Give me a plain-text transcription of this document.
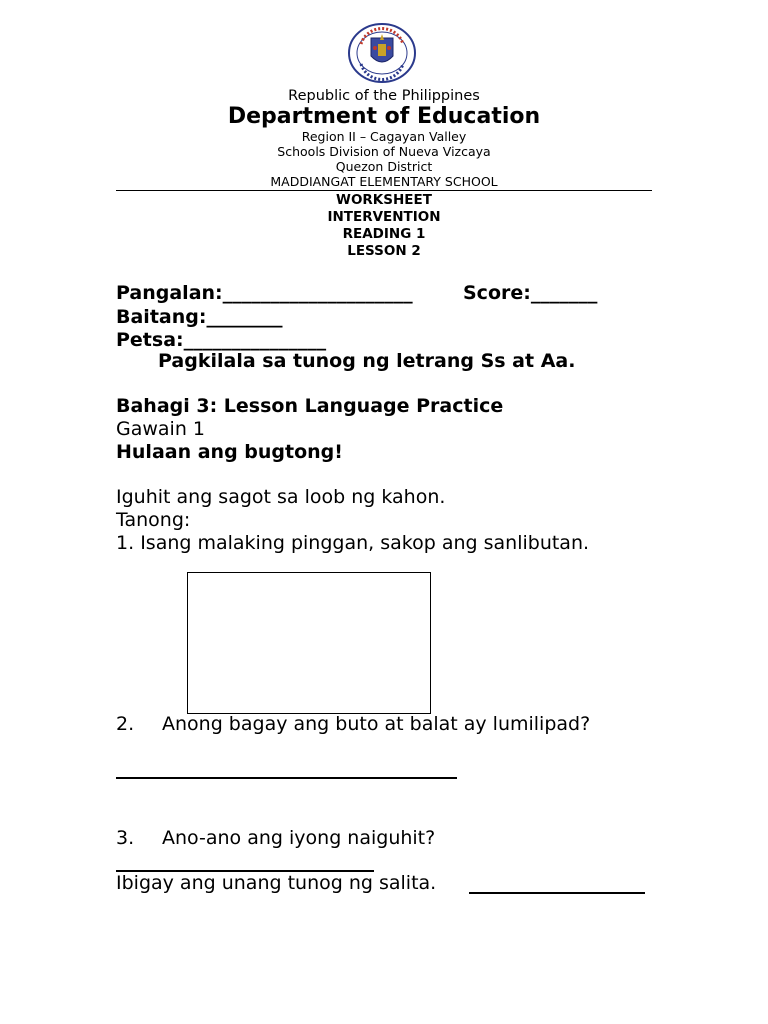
Republic of the Philippines
Department of Education
Region II – Cagayan Valley
Schools Division of Nueva Vizcaya
Quezon District
MADDIANGAT ELEMENTARY SCHOOL
WORKSHEET
INTERVENTION
READING 1
LESSON 2
Pangalan:____________________	Score:_______
Baitang:________
Petsa:_______________
Pagkilala sa tunog ng letrang Ss at Aa.
Bahagi 3: Lesson Language Practice
Gawain 1
Hulaan ang bugtong!
Iguhit ang sagot sa loob ng kahon.
Tanong:
1. Isang malaking pinggan, sakop ang sanlibutan.
2. Anong bagay ang buto at balat ay lumilipad?
3. Ano-ano ang iyong naiguhit?
Ibigay ang unang tunog ng salita.
